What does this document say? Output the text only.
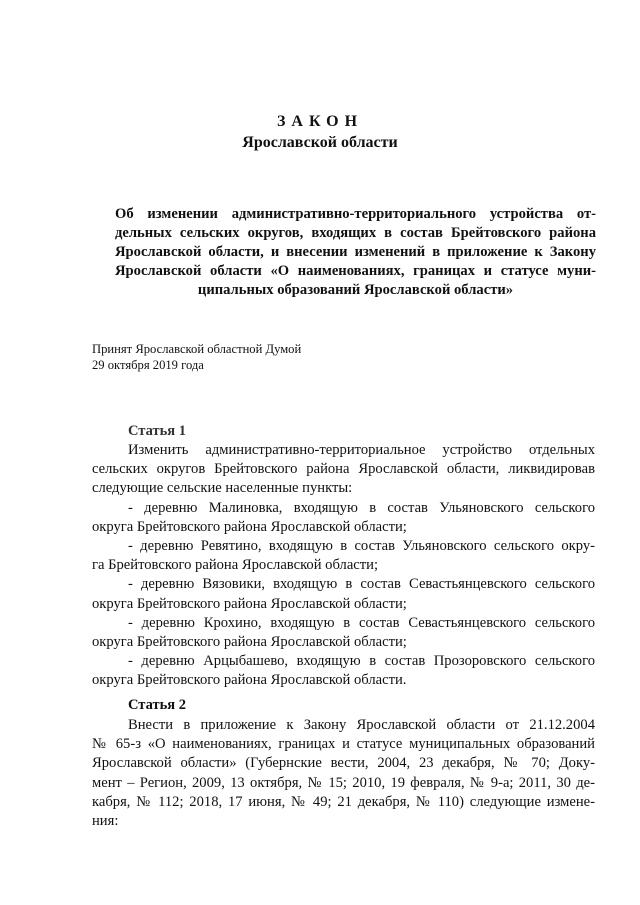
ЗАКОН
Ярославской области
Об изменении административно-территориального устройства от-
дельных сельских округов, входящих в состав Брейтовского района
Ярославской области, и внесении изменений в приложение к Закону
Ярославской области «О наименованиях, границах и статусе муни-
ципальных образований Ярославской области»
Принят Ярославской областной Думой
29 октября 2019 года
Статья 1
Изменить административно-территориальное устройство отдельных
сельских округов Брейтовского района Ярославской области, ликвидировав
следующие сельские населенные пункты:
- деревню Малиновка, входящую в состав Ульяновского сельского
округа Брейтовского района Ярославской области;
- деревню Ревятино, входящую в состав Ульяновского сельского окру-
га Брейтовского района Ярославской области;
- деревню Вязовики, входящую в состав Севастьянцевского сельского
округа Брейтовского района Ярославской области;
- деревню Крохино, входящую в состав Севастьянцевского сельского
округа Брейтовского района Ярославской области;
- деревню Арцыбашево, входящую в состав Прозоровского сельского
округа Брейтовского района Ярославской области.
Статья 2
Внести в приложение к Закону Ярославской области от 21.12.2004
№ 65-з «О наименованиях, границах и статусе муниципальных образований
Ярославской области» (Губернские вести, 2004, 23 декабря, № 70; Доку-
мент – Регион, 2009, 13 октября, № 15; 2010, 19 февраля, № 9-а; 2011, 30 де-
кабря, № 112; 2018, 17 июня, № 49; 21 декабря, № 110) следующие измене-
ния:
